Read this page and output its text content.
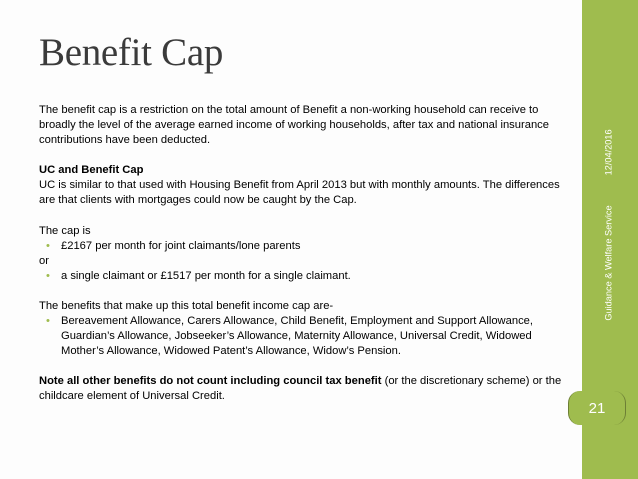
Benefit Cap

The benefit cap is a restriction on the total amount of Benefit a non-working household can receive to broadly the level of the average earned income of working households, after tax and national insurance contributions have been deducted.

UC and Benefit Cap

UC is similar to that used with Housing Benefit from April 2013 but with monthly amounts. The differences are that clients with mortgages could now be caught by the Cap.

The cap is

• £2167 per month for joint claimants/lone parents

or

• a single claimant or £1517 per month for a single claimant.

The benefits that make up this total benefit income cap are-

• Bereavement Allowance, Carers Allowance, Child Benefit, Employment and Support Allowance, Guardian’s Allowance, Jobseeker’s Allowance, Maternity Allowance, Universal Credit, Widowed Mother’s Allowance, Widowed Patent’s Allowance, Widow’s Pension.

Note all other benefits do not count including council tax benefit (or the discretionary scheme) or the childcare element of Universal Credit.

Guidance & Welfare Service
12/04/2016
21
